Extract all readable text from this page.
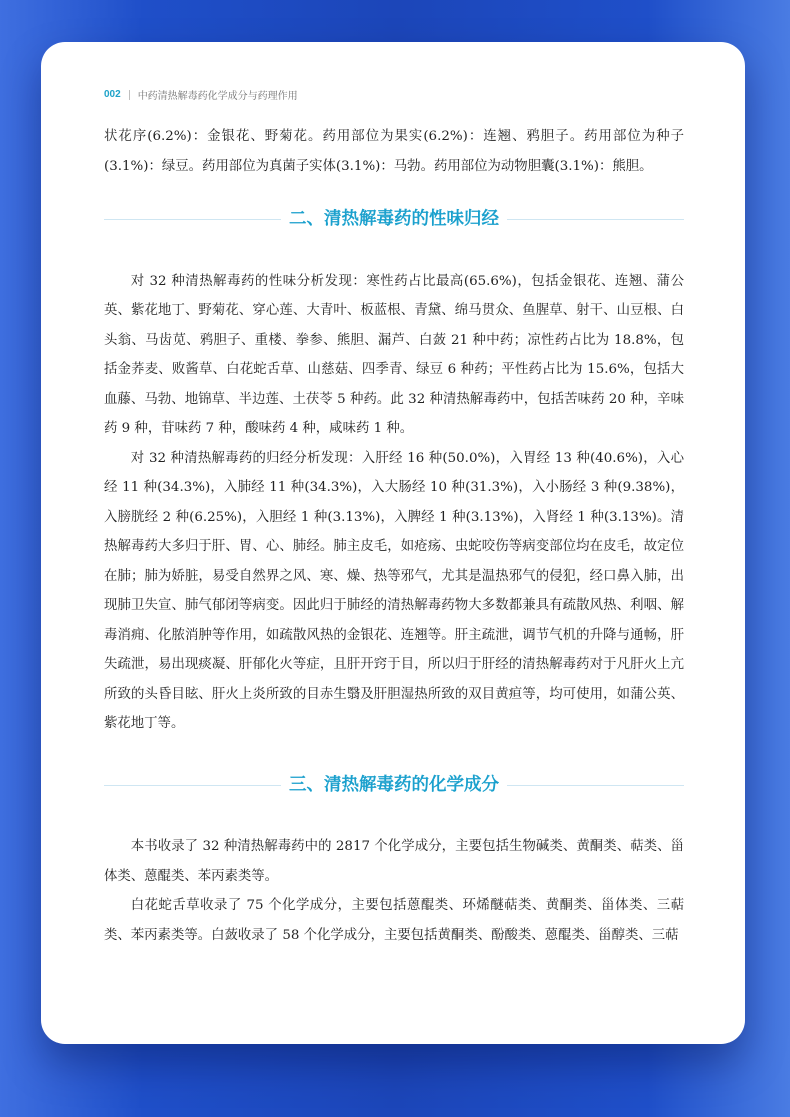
002 中药清热解毒药化学成分与药理作用

状花序(6.2%)：金银花、野菊花。药用部位为果实(6.2%)：连翘、鸦胆子。药用部位为种子(3.1%)：绿豆。药用部位为真菌子实体(3.1%)：马勃。药用部位为动物胆囊(3.1%)：熊胆。

二、清热解毒药的性味归经

对 32 种清热解毒药的性味分析发现：寒性药占比最高(65.6%)，包括金银花、连翘、蒲公英、紫花地丁、野菊花、穿心莲、大青叶、板蓝根、青黛、绵马贯众、鱼腥草、射干、山豆根、白头翁、马齿苋、鸦胆子、重楼、拳参、熊胆、漏芦、白蔹 21 种中药；凉性药占比为 18.8%，包括金荞麦、败酱草、白花蛇舌草、山慈菇、四季青、绿豆 6 种药；平性药占比为 15.6%，包括大血藤、马勃、地锦草、半边莲、土茯苓 5 种药。此 32 种清热解毒药中，包括苦味药 20 种，辛味药 9 种，苷味药 7 种，酸味药 4 种，咸味药 1 种。

对 32 种清热解毒药的归经分析发现：入肝经 16 种(50.0%)，入胃经 13 种(40.6%)，入心经 11 种(34.3%)，入肺经 11 种(34.3%)，入大肠经 10 种(31.3%)，入小肠经 3 种(9.38%)，入膀胱经 2 种(6.25%)，入胆经 1 种(3.13%)，入脾经 1 种(3.13%)，入肾经 1 种(3.13%)。清热解毒药大多归于肝、胃、心、肺经。肺主皮毛，如疮疡、虫蛇咬伤等病变部位均在皮毛，故定位在肺；肺为娇脏，易受自然界之风、寒、燥、热等邪气，尤其是温热邪气的侵犯，经口鼻入肺，出现肺卫失宣、肺气郁闭等病变。因此归于肺经的清热解毒药物大多数都兼具有疏散风热、利咽、解毒消痈、化脓消肿等作用，如疏散风热的金银花、连翘等。肝主疏泄，调节气机的升降与通畅，肝失疏泄，易出现痰凝、肝郁化火等症，且肝开窍于目，所以归于肝经的清热解毒药对于凡肝火上亢所致的头昏目眩、肝火上炎所致的目赤生翳及肝胆湿热所致的双目黄疸等，均可使用，如蒲公英、紫花地丁等。

三、清热解毒药的化学成分

本书收录了 32 种清热解毒药中的 2817 个化学成分，主要包括生物碱类、黄酮类、萜类、甾体类、蒽醌类、苯丙素类等。

白花蛇舌草收录了 75 个化学成分，主要包括蒽醌类、环烯醚萜类、黄酮类、甾体类、三萜类、苯丙素类等。白蔹收录了 58 个化学成分，主要包括黄酮类、酚酸类、蒽醌类、甾醇类、三萜
